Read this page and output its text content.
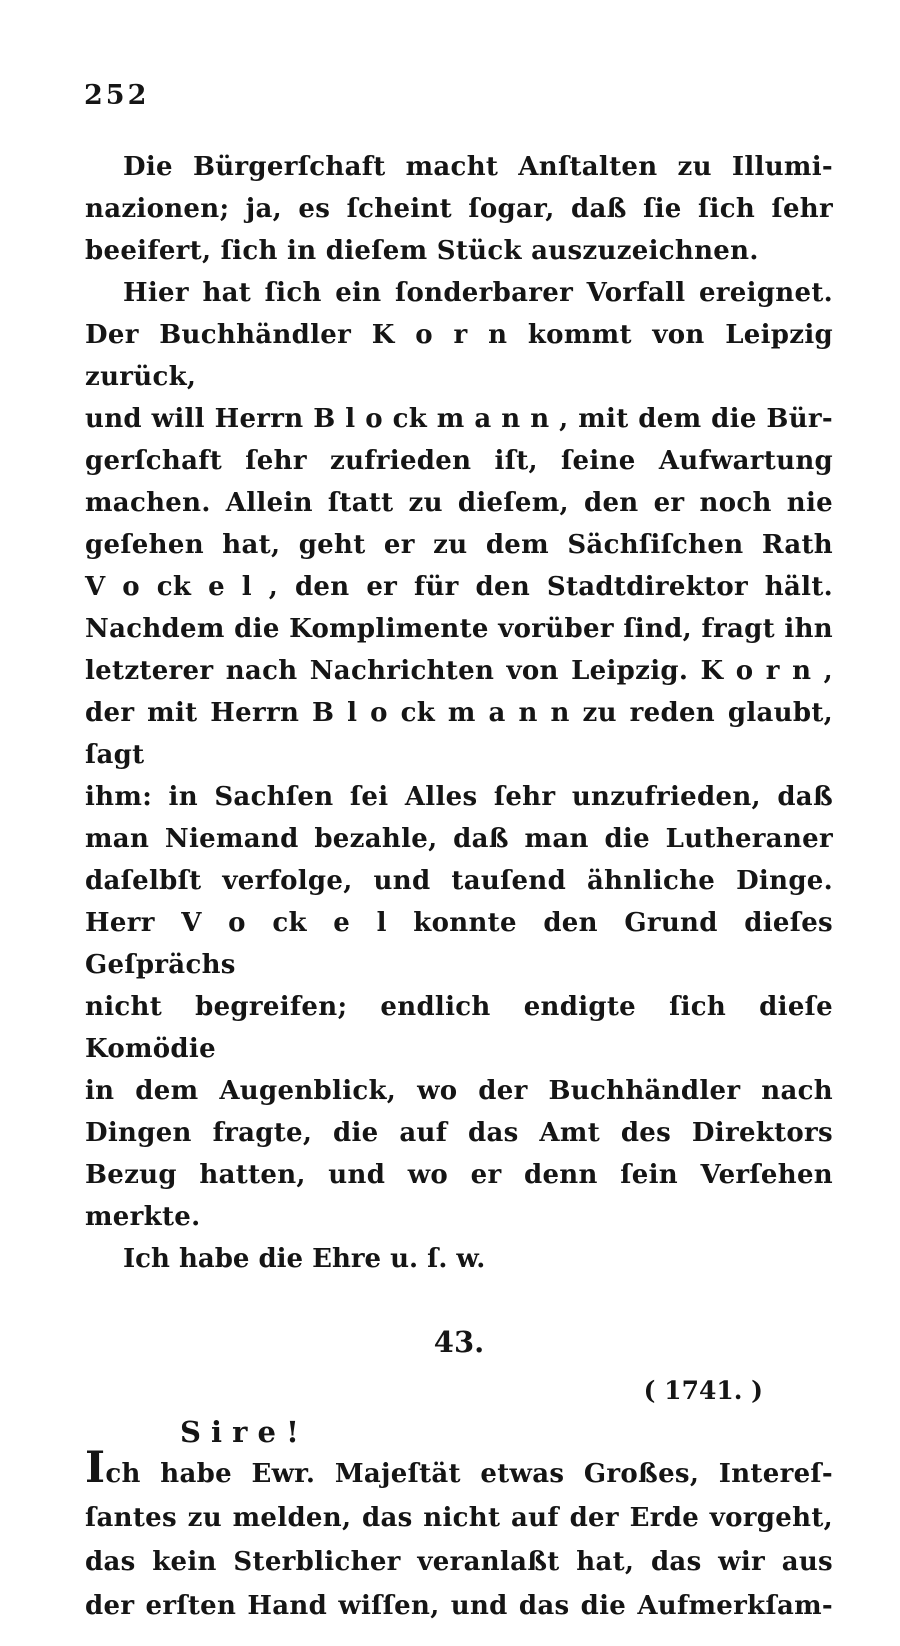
252
Die Bürgerſchaft macht Anſtalten zu Illumi-
nazionen; ja, es ſcheint ſogar, daß ſie ſich ſehr
beeifert, ſich in dieſem Stück auszuzeichnen.
Hier hat ſich ein ſonderbarer Vorfall ereignet.
Der Buchhändler K o r n kommt von Leipzig zurück,
und will Herrn B l o ck m a n n , mit dem die Bür-
gerſchaft ſehr zufrieden iſt, ſeine Aufwartung
machen. Allein ſtatt zu dieſem, den er noch nie
geſehen hat, geht er zu dem Sächſiſchen Rath
V o ck e l , den er für den Stadtdirektor hält.
Nachdem die Komplimente vorüber ſind, fragt ihn
letzterer nach Nachrichten von Leipzig. K o r n ,
der mit Herrn B l o ck m a n n zu reden glaubt, ſagt
ihm: in Sachſen ſei Alles ſehr unzufrieden, daß
man Niemand bezahle, daß man die Lutheraner
daſelbſt verfolge, und tauſend ähnliche Dinge.
Herr V o ck e l konnte den Grund dieſes Geſprächs
nicht begreifen; endlich endigte ſich dieſe Komödie
in dem Augenblick, wo der Buchhändler nach
Dingen fragte, die auf das Amt des Direktors
Bezug hatten, und wo er denn ſein Verſehen
merkte.
Ich habe die Ehre u. ſ. w.
43.
( 1741. )
S i r e !
Ich habe Ewr. Majeſtät etwas Großes, Intereſ-
ſantes zu melden, das nicht auf der Erde vorgeht,
das kein Sterblicher veranlaßt hat, das wir aus
der erſten Hand wiſſen, und das die Aufmerkſam-
